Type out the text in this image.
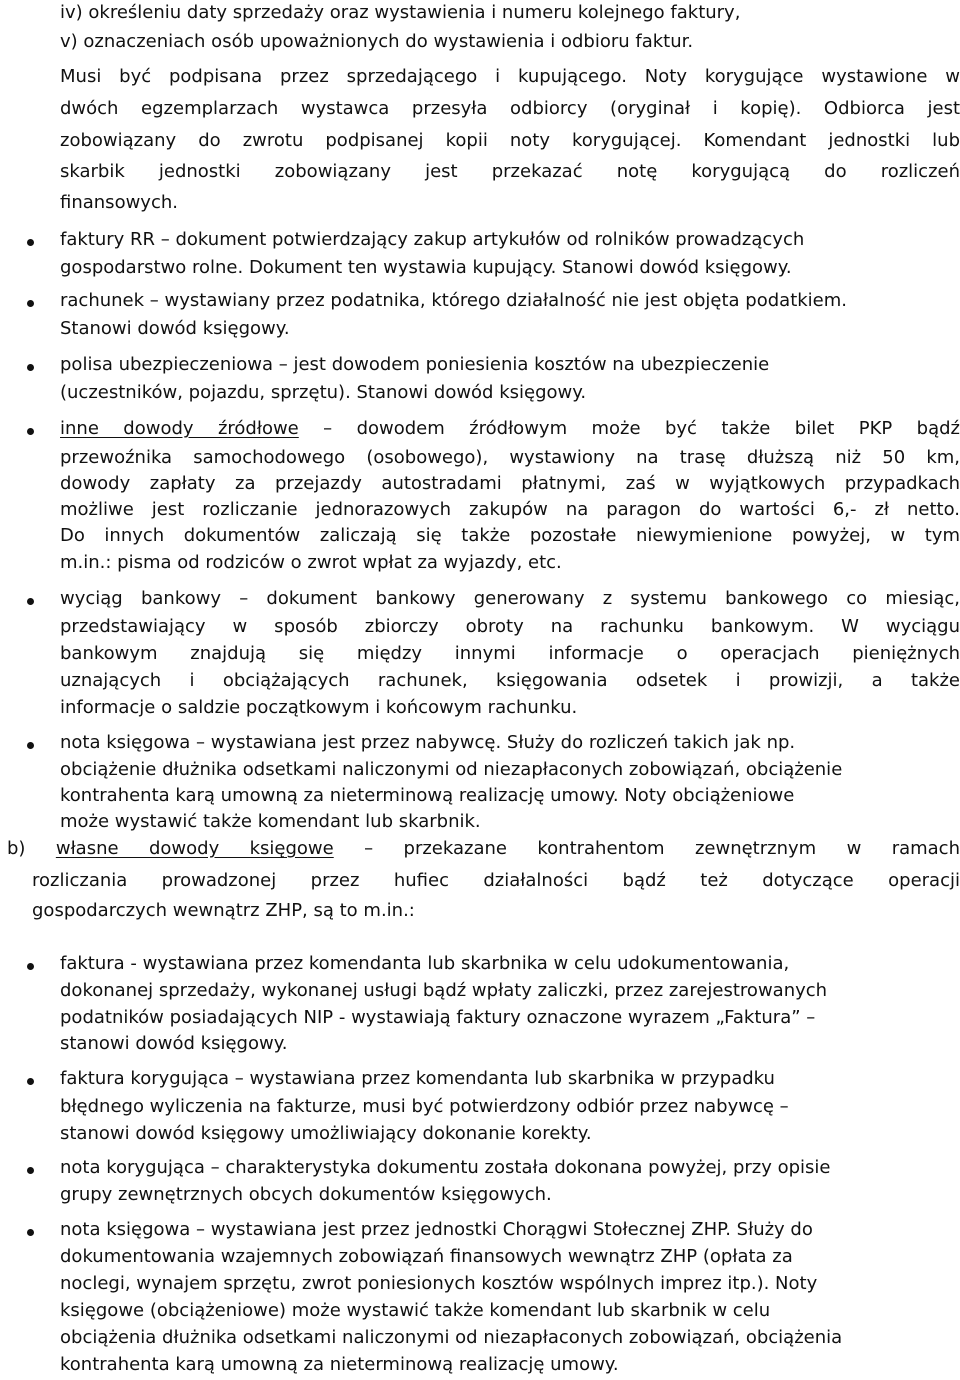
iv) określeniu daty sprzedaży oraz wystawienia i numeru kolejnego faktury,
v) oznaczeniach osób upoważnionych do wystawienia i odbioru faktur.
Musi być podpisana przez sprzedającego i kupującego. Noty korygujące wystawione w
dwóch egzemplarzach wystawca przesyła odbiorcy (oryginał i kopię). Odbiorca jest
zobowiązany do zwrotu podpisanej kopii noty korygującej. Komendant jednostki lub
skarbik jednostki zobowiązany jest przekazać notę korygującą do rozliczeń
finansowych.
faktury RR – dokument potwierdzający zakup artykułów od rolników prowadzących
gospodarstwo rolne. Dokument ten wystawia kupujący. Stanowi dowód księgowy.
rachunek – wystawiany przez podatnika, którego działalność nie jest objęta podatkiem.
Stanowi dowód księgowy.
polisa ubezpieczeniowa – jest dowodem poniesienia kosztów na ubezpieczenie
(uczestników, pojazdu, sprzętu). Stanowi dowód księgowy.
inne dowody źródłowe – dowodem źródłowym może być także bilet PKP bądź
przewoźnika samochodowego (osobowego), wystawiony na trasę dłuższą niż 50 km,
dowody zapłaty za przejazdy autostradami płatnymi, zaś w wyjątkowych przypadkach
możliwe jest rozliczanie jednorazowych zakupów na paragon do wartości 6,- zł netto.
Do innych dokumentów zaliczają się także pozostałe niewymienione powyżej, w tym
m.in.: pisma od rodziców o zwrot wpłat za wyjazdy, etc.
wyciąg bankowy – dokument bankowy generowany z systemu bankowego co miesiąc,
przedstawiający w sposób zbiorczy obroty na rachunku bankowym. W wyciągu
bankowym znajdują się między innymi informacje o operacjach pieniężnych
uznających i obciążających rachunek, księgowania odsetek i prowizji, a także
informacje o saldzie początkowym i końcowym rachunku.
nota księgowa – wystawiana jest przez nabywcę. Służy do rozliczeń takich jak np.
obciążenie dłużnika odsetkami naliczonymi od niezapłaconych zobowiązań, obciążenie
kontrahenta karą umowną za nieterminową realizację umowy. Noty obciążeniowe
może wystawić także komendant lub skarbnik.
b) własne dowody księgowe – przekazane kontrahentom zewnętrznym w ramach
rozliczania prowadzonej przez hufiec działalności bądź też dotyczące operacji
gospodarczych wewnątrz ZHP, są to m.in.:
faktura - wystawiana przez komendanta lub skarbnika w celu udokumentowania,
dokonanej sprzedaży, wykonanej usługi bądź wpłaty zaliczki, przez zarejestrowanych
podatników posiadających NIP - wystawiają faktury oznaczone wyrazem „Faktura” –
stanowi dowód księgowy.
faktura korygująca – wystawiana przez komendanta lub skarbnika w przypadku
błędnego wyliczenia na fakturze, musi być potwierdzony odbiór przez nabywcę –
stanowi dowód księgowy umożliwiający dokonanie korekty.
nota korygująca – charakterystyka dokumentu została dokonana powyżej, przy opisie
grupy zewnętrznych obcych dokumentów księgowych.
nota księgowa – wystawiana jest przez jednostki Chorągwi Stołecznej ZHP. Służy do
dokumentowania wzajemnych zobowiązań finansowych wewnątrz ZHP (opłata za
noclegi, wynajem sprzętu, zwrot poniesionych kosztów wspólnych imprez itp.). Noty
księgowe (obciążeniowe) może wystawić także komendant lub skarbnik w celu
obciążenia dłużnika odsetkami naliczonymi od niezapłaconych zobowiązań, obciążenia
kontrahenta karą umowną za nieterminową realizację umowy.
